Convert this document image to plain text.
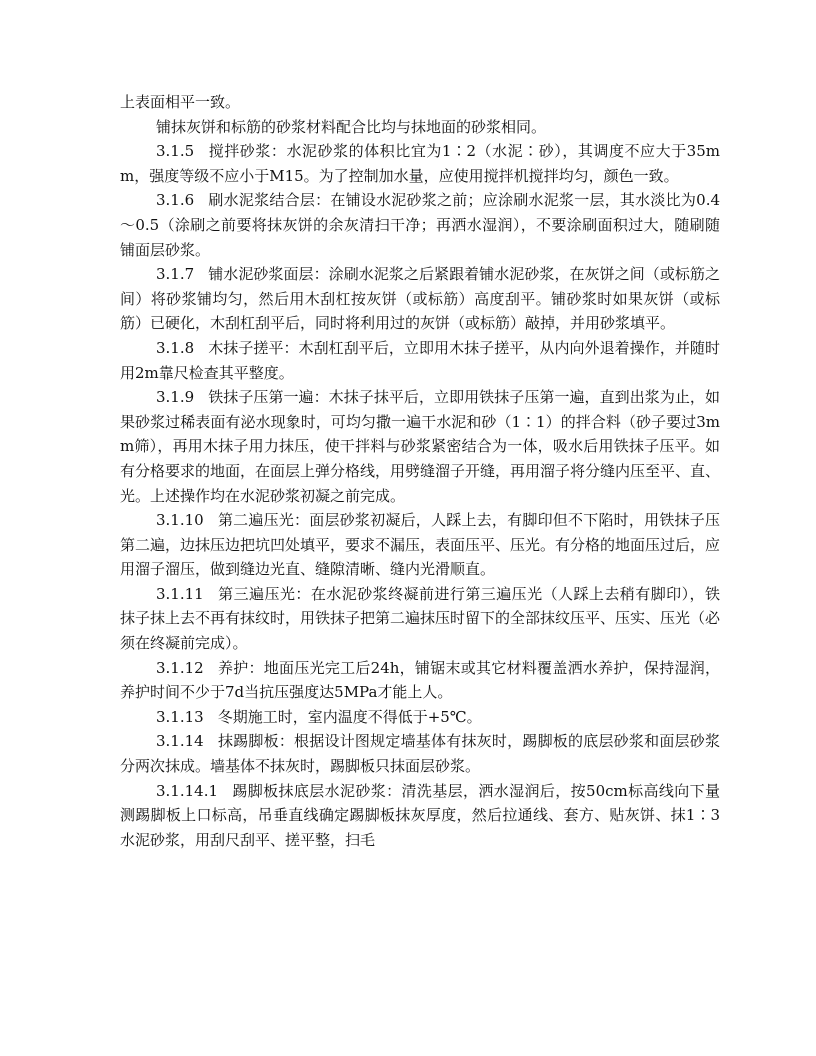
上表面相平一致。

铺抹灰饼和标筋的砂浆材料配合比均与抹地面的砂浆相同。

3.1.5 搅拌砂浆：水泥砂浆的体积比宜为1∶2（水泥∶砂），其调度不应大于35mm，强度等级不应小于M15。为了控制加水量，应使用搅拌机搅拌均匀，颜色一致。

3.1.6 刷水泥浆结合层：在铺设水泥砂浆之前；应涂刷水泥浆一层，其水淡比为0.4～0.5（涂刷之前要将抹灰饼的余灰清扫干净；再洒水湿润），不要涂刷面积过大，随刷随铺面层砂浆。

3.1.7 铺水泥砂浆面层：涂刷水泥浆之后紧跟着铺水泥砂浆，在灰饼之间（或标筋之间）将砂浆铺均匀，然后用木刮杠按灰饼（或标筋）高度刮平。铺砂浆时如果灰饼（或标筋）已硬化，木刮杠刮平后，同时将利用过的灰饼（或标筋）敲掉，并用砂浆填平。

3.1.8 木抹子搓平：木刮杠刮平后，立即用木抹子搓平，从内向外退着操作，并随时用2m靠尺检查其平整度。

3.1.9 铁抹子压第一遍：木抹子抹平后，立即用铁抹子压第一遍，直到出浆为止，如果砂浆过稀表面有泌水现象时，可均匀撒一遍干水泥和砂（1∶1）的拌合料（砂子要过3mm筛），再用木抹子用力抹压，使干拌料与砂浆紧密结合为一体，吸水后用铁抹子压平。如有分格要求的地面，在面层上弹分格线，用劈缝溜子开缝，再用溜子将分缝内压至平、直、光。上述操作均在水泥砂浆初凝之前完成。

3.1.10 第二遍压光：面层砂浆初凝后，人踩上去，有脚印但不下陷时，用铁抹子压第二遍，边抹压边把坑凹处填平，要求不漏压，表面压平、压光。有分格的地面压过后，应用溜子溜压，做到缝边光直、缝隙清晰、缝内光滑顺直。

3.1.11 第三遍压光：在水泥砂浆终凝前进行第三遍压光（人踩上去稍有脚印），铁抹子抹上去不再有抹纹时，用铁抹子把第二遍抹压时留下的全部抹纹压平、压实、压光（必须在终凝前完成）。

3.1.12 养护：地面压光完工后24h，铺锯末或其它材料覆盖洒水养护，保持湿润，养护时间不少于7d当抗压强度达5MPa才能上人。

3.1.13 冬期施工时，室内温度不得低于+5℃。

3.1.14 抹踢脚板：根据设计图规定墙基体有抹灰时，踢脚板的底层砂浆和面层砂浆分两次抹成。墙基体不抹灰时，踢脚板只抹面层砂浆。

3.1.14.1 踢脚板抹底层水泥砂浆：清洗基层，洒水湿润后，按50cm标高线向下量测踢脚板上口标高，吊垂直线确定踢脚板抹灰厚度，然后拉通线、套方、贴灰饼、抹1∶3水泥砂浆，用刮尺刮平、搓平整，扫毛
